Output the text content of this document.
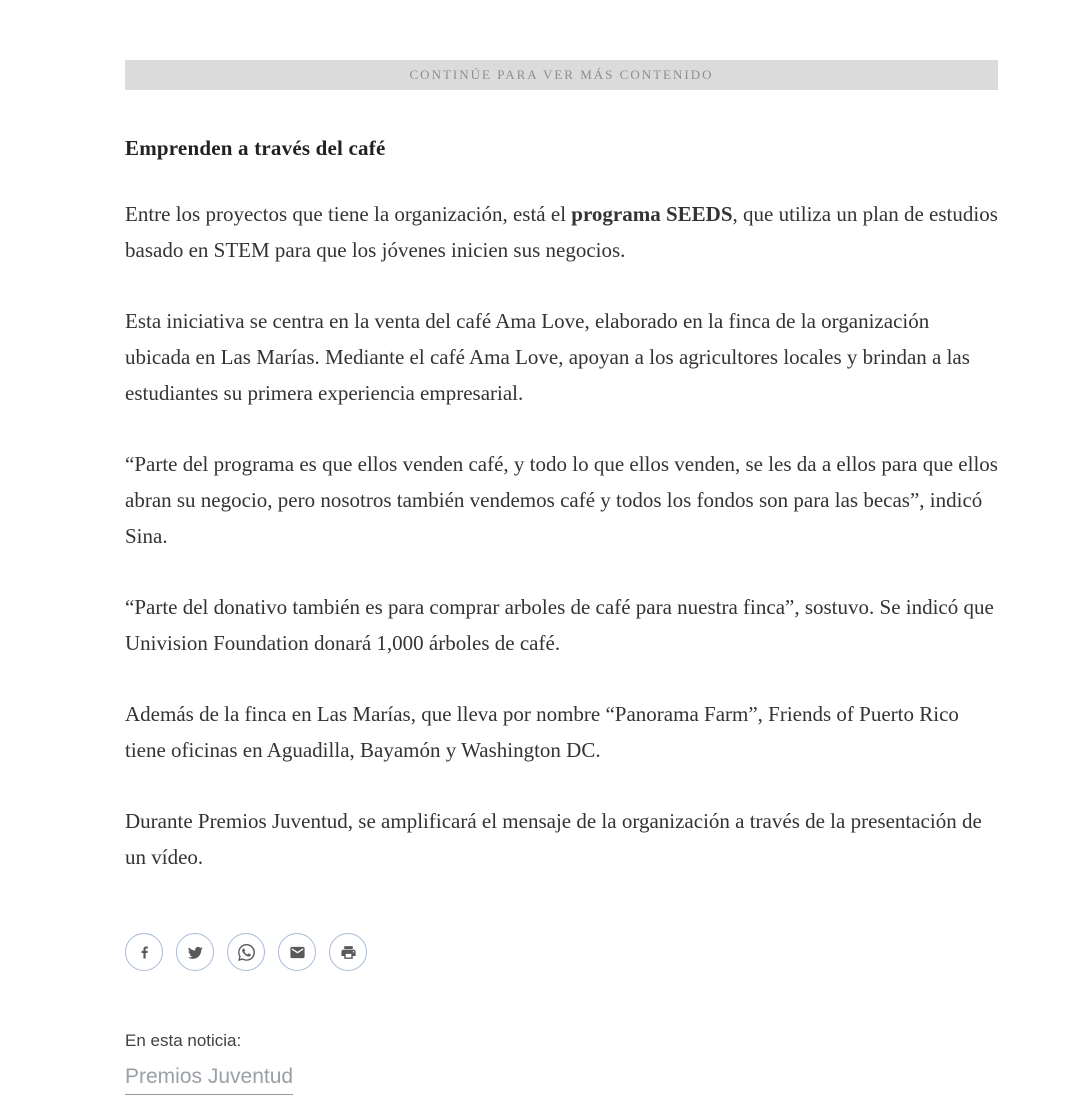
CONTINÚE PARA VER MÁS CONTENIDO
Emprenden a través del café

Entre los proyectos que tiene la organización, está el programa SEEDS, que utiliza un plan de estudios basado en STEM para que los jóvenes inicien sus negocios.

Esta iniciativa se centra en la venta del café Ama Love, elaborado en la finca de la organización ubicada en Las Marías. Mediante el café Ama Love, apoyan a los agricultores locales y brindan a las estudiantes su primera experiencia empresarial.

“Parte del programa es que ellos venden café, y todo lo que ellos venden, se les da a ellos para que ellos abran su negocio, pero nosotros también vendemos café y todos los fondos son para las becas”, indicó Sina.

“Parte del donativo también es para comprar arboles de café para nuestra finca”, sostuvo. Se indicó que Univision Foundation donará 1,000 árboles de café.

Además de la finca en Las Marías, que lleva por nombre “Panorama Farm”, Friends of Puerto Rico tiene oficinas en Aguadilla, Bayamón y Washington DC.

Durante Premios Juventud, se amplificará el mensaje de la organización a través de la presentación de un vídeo.

En esta noticia:
Premios Juventud
